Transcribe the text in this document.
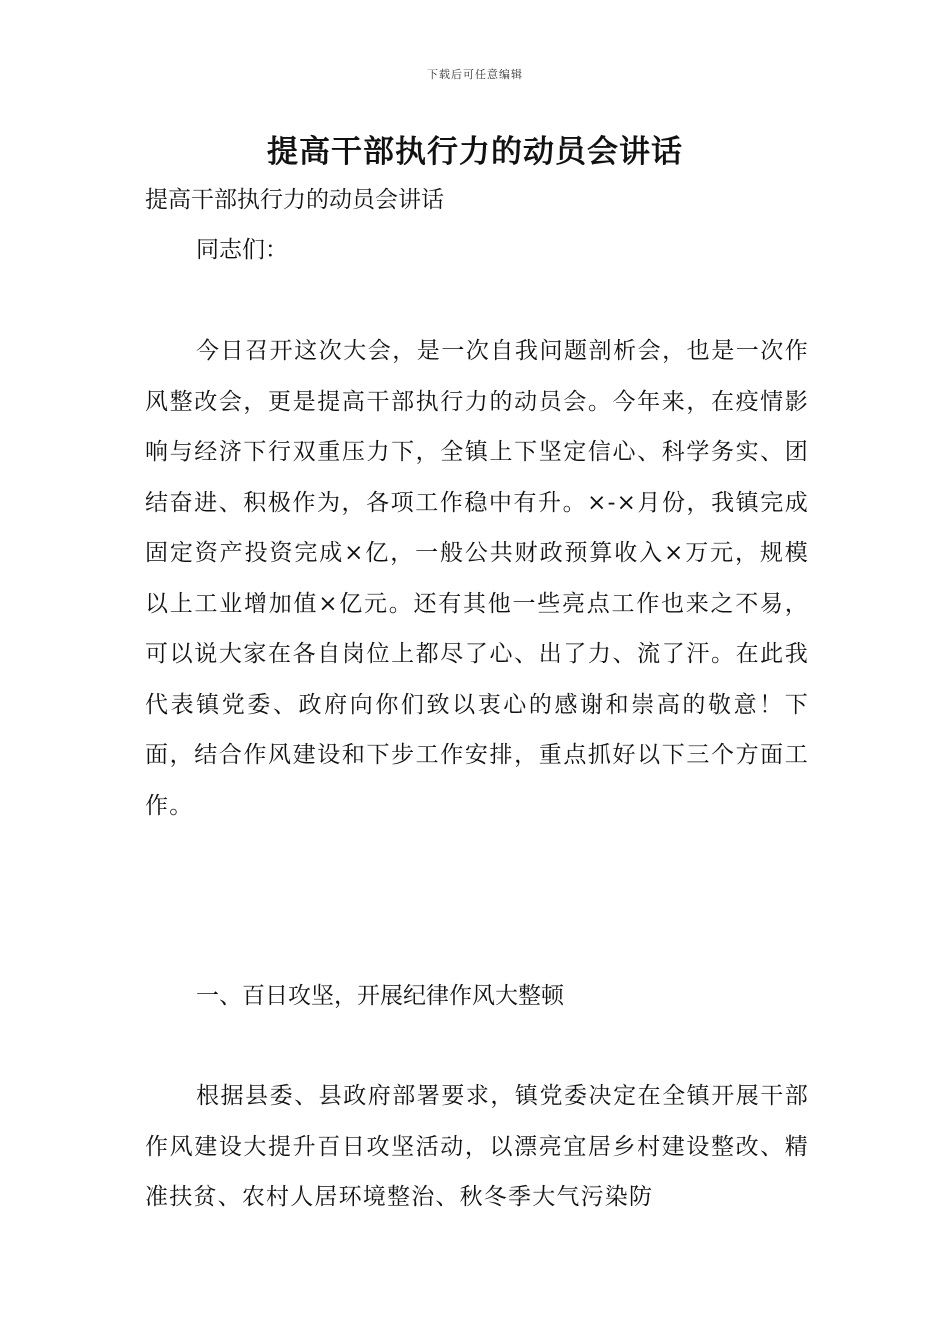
下载后可任意编辑
提高干部执行力的动员会讲话
提高干部执行力的动员会讲话
同志们：

今日召开这次大会，是一次自我问题剖析会，也是一次作风整改会，更是提高干部执行力的动员会。今年来，在疫情影响与经济下行双重压力下，全镇上下坚定信心、科学务实、团结奋进、积极作为，各项工作稳中有升。×-×月份，我镇完成固定资产投资完成×亿，一般公共财政预算收入×万元，规模以上工业增加值×亿元。还有其他一些亮点工作也来之不易，可以说大家在各自岗位上都尽了心、出了力、流了汗。在此我代表镇党委、政府向你们致以衷心的感谢和崇高的敬意！下面，结合作风建设和下步工作安排，重点抓好以下三个方面工作。

一、百日攻坚，开展纪律作风大整顿

根据县委、县政府部署要求，镇党委决定在全镇开展干部作风建设大提升百日攻坚活动，以漂亮宜居乡村建设整改、精准扶贫、农村人居环境整治、秋冬季大气污染防
